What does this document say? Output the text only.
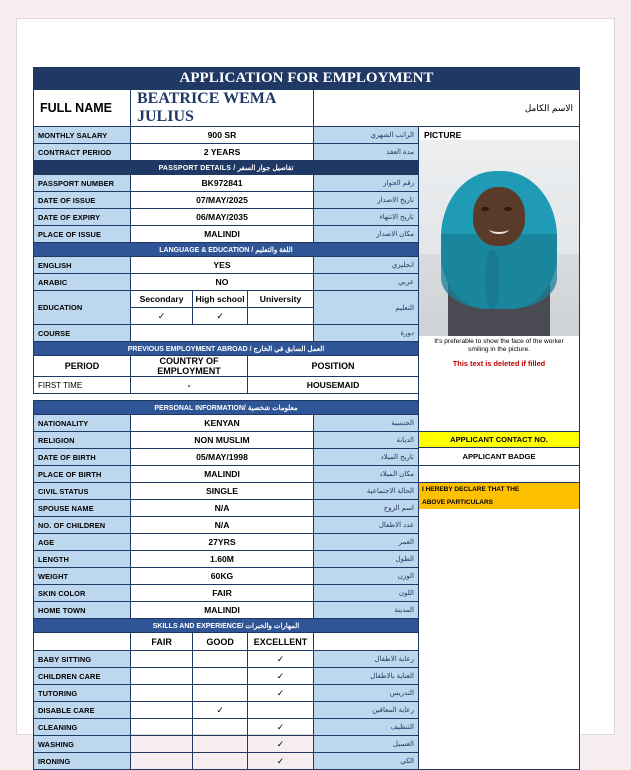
APPLICATION FOR EMPLOYMENT					
FULL NAME	BEATRICE WEMA JULIUS			الاسم الكامل	
MONTHLY SALARY	900 SR	الراتب الشهري	PICTURE
It's preferable to show the face of the worker smiling in the picture.
This text is deleted if filled
APPLICANT CONTACT NO.
APPLICANT BADGE
I HEREBY DECLARE THAT THE
ABOVE PARTICULARS

CONTRACT PERIOD	2 YEARS			مدة العقد	
PASSPORT DETAILS / تفاصيل جواز السفر					
PASSPORT NUMBER	BK972841			رقم الجواز	
DATE OF ISSUE	07/MAY/2025			تاريخ الاصدار	
DATE OF EXPIRY	06/MAY/2035			تاريخ الانتهاء	
PLACE OF ISSUE	MALINDI			مكان الاصدار	
LANGUAGE & EDUCATION / اللغة والتعليم					
ENGLISH	YES			انجليزي	
ARABIC	NO			عربي	
EDUCATION	Secondary	High school	University	التعليم	
	✓	✓			
COURSE				دورة	
PREVIOUS EMPLOYMENT ABROAD / العمل السابق في الخارج					
PERIOD	COUNTRY OF EMPLOYMENT		POSITION		
FIRST TIME	-		HOUSEMAID		

PERSONAL INFORMATION/ معلومات شخصية					
NATIONALITY	KENYAN			الجنسية	
RELIGION	NON MUSLIM			الديانة	
DATE OF BIRTH	05/MAY/1998			تاريخ الميلاد	
PLACE OF BIRTH	MALINDI			مكان الميلاد	
CIVIL STATUS	SINGLE			الحالة الاجتماعية	
SPOUSE NAME	N/A			اسم الزوج	
NO. OF CHILDREN	N/A			عدد الاطفال	
AGE	27YRS			العمر	
LENGTH	1.60M			الطول	
WEIGHT	60KG			الوزن	
SKIN COLOR	FAIR			اللون	
HOME TOWN	MALINDI			المدينة	
SKILLS AND EXPERIENCE/ المهارات والخبرات					
	FAIR	GOOD	EXCELLENT		
BABY SITTING			✓	رعاية الاطفال	
CHILDREN CARE			✓	العناية بالاطفال	
TUTORING			✓	التدريس	
DISABLE CARE		✓		رعاية المعاقين	
CLEANING			✓	التنظيف	
WASHING			✓	الغسيل	
IRONING			✓	الكي	
